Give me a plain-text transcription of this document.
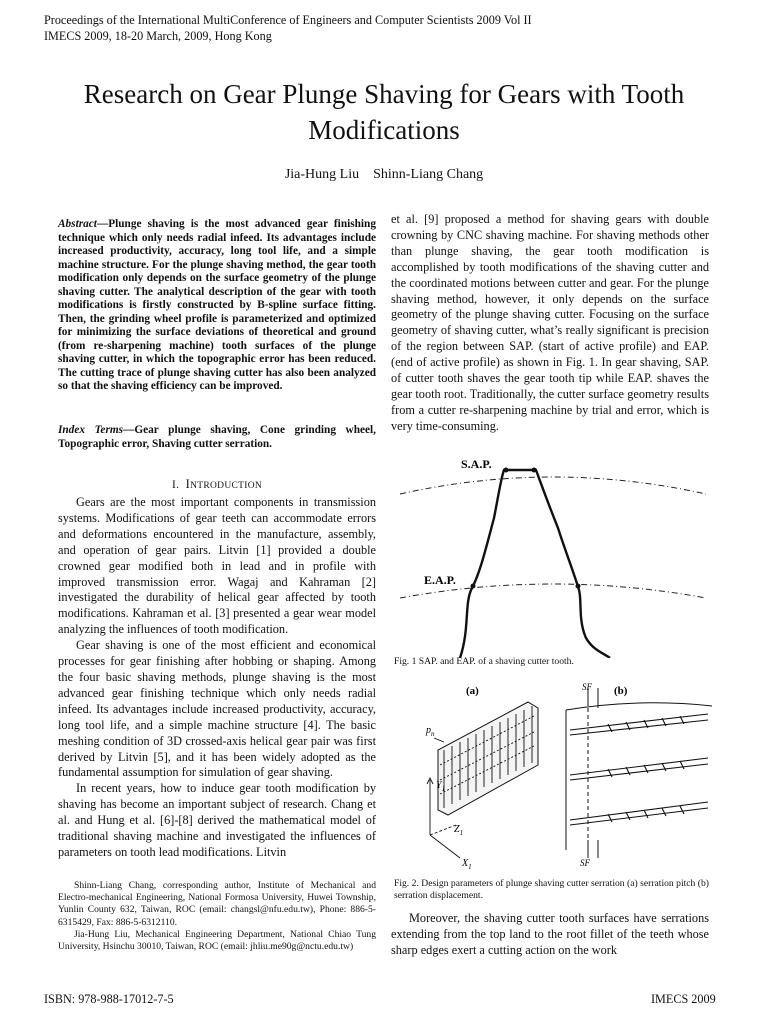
Proceedings of the International MultiConference of Engineers and Computer Scientists 2009 Vol II
IMECS 2009, 18-20 March, 2009, Hong Kong
Research on Gear Plunge Shaving for Gears with Tooth Modifications
Jia-Hung Liu    Shinn-Liang Chang
Abstract—Plunge shaving is the most advanced gear finishing technique which only needs radial infeed. Its advantages include increased productivity, accuracy, long tool life, and a simple machine structure. For the plunge shaving method, the gear tooth modification only depends on the surface geometry of the plunge shaving cutter. The analytical description of the gear with tooth modifications is firstly constructed by B-spline surface fitting. Then, the grinding wheel profile is parameterized and optimized for minimizing the surface deviations of theoretical and ground (from re-sharpening machine) tooth surfaces of the plunge shaving cutter, in which the topographic error has been reduced. The cutting trace of plunge shaving cutter has also been analyzed so that the shaving efficiency can be improved.
Index Terms—Gear plunge shaving, Cone grinding wheel, Topographic error, Shaving cutter serration.
I. INTRODUCTION

Gears are the most important components in transmission systems. Modifications of gear teeth can accommodate errors and deformations encountered in the manufacture, assembly, and operation of gear pairs. Litvin [1] provided a double crowned gear modified both in lead and in profile with improved transmission error. Wagaj and Kahraman [2] investigated the durability of helical gear affected by tooth modifications. Kahraman et al. [3] presented a gear wear model analyzing the influences of tooth modification.

Gear shaving is one of the most efficient and economical processes for gear finishing after hobbing or shaping. Among the four basic shaving methods, plunge shaving is the most advanced gear finishing technique which only needs radial infeed. Its advantages include increased productivity, accuracy, long tool life, and a simple machine structure [4]. The basic meshing condition of 3D crossed-axis helical gear pair was first derived by Litvin [5], and it has been widely adopted as the fundamental assumption for simulation of gear shaving.

In recent years, how to induce gear tooth modification by shaving has become an important subject of research. Chang et al. and Hung et al. [6]-[8] derived the mathematical model of traditional shaving machine and investigated the influences of parameters on tooth lead modifications. Litvin

Shinn-Liang Chang, corresponding author, Institute of Mechanical and Electro-mechanical Engineering, National Formosa University, Huwei Township, Yunlin County 632, Taiwan, ROC (email: changsl@nfu.edu.tw), Phone: 886-5-6315429, Fax: 886-5-6312110.

Jia-Hung Liu, Mechanical Engineering Department, National Chiao Tung University, Hsinchu 30010, Taiwan, ROC (email: jhliu.me90g@nctu.edu.tw)

et al. [9] proposed a method for shaving gears with double crowning by CNC shaving machine. For shaving methods other than plunge shaving, the gear tooth modification is accomplished by tooth modifications of the shaving cutter and the coordinated motions between cutter and gear. For the plunge shaving method, however, it only depends on the surface geometry of the plunge shaving cutter. Focusing on the surface geometry of shaving cutter, what’s really significant is precision of the region between SAP. (start of active profile) and EAP. (end of active profile) as shown in Fig. 1. In gear shaving, SAP. of cutter tooth shaves the gear tooth tip while EAP. shaves the gear tooth root. Traditionally, the cutter surface geometry results from a cutter re-sharpening machine by trial and error, which is very time-consuming.

S.A.P.
E.A.P.
Fig. 1 SAP. and EAP. of a shaving cutter tooth.
(a)	(b)
$p_n$
$Y_1$
$Z_1$
$X_1$
SF
SF
Fig. 2. Design parameters of plunge shaving cutter serration (a) serration pitch (b) serration displacement.

Moreover, the shaving cutter tooth surfaces have serrations extending from the top land to the root fillet of the teeth whose sharp edges exert a cutting action on the work

ISBN: 978-988-17012-7-5	IMECS 2009
